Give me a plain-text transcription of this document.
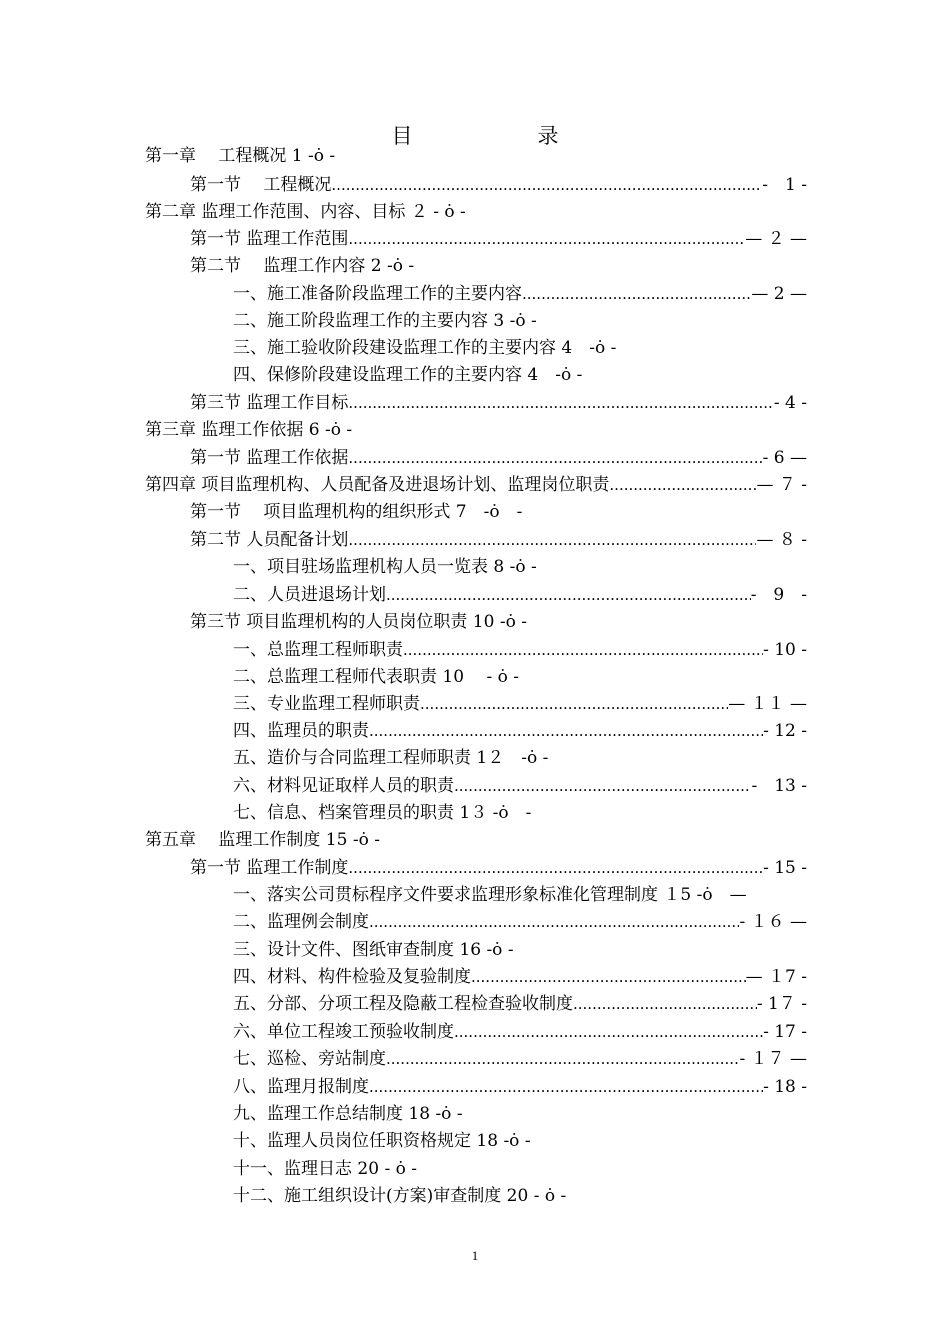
目　录
第一章　 工程概况 1 -ȯ -
第一节　 工程概况 .....	-　1 -
第二章 监理工作范围、内容、目标 ２ - ȯ -
第一节 监理工作范围 .....	— ２ —
第二节　 监理工作内容 2 -ȯ -
一、施工准备阶段监理工作的主要内容 .....	— 2 —
二、施工阶段监理工作的主要内容 3 -ȯ -
三、施工验收阶段建设监理工作的主要内容 4　-ȯ -
四、保修阶段建设监理工作的主要内容 4　-ȯ -
第三节 监理工作目标 .....	- 4 -
第三章 监理工作依据 6 -ȯ -
第一节 监理工作依据 .....	- 6 —
第四章 项目监理机构、人员配备及进退场计划、监理岗位职责 .....	— ７ -
第一节　 项目监理机构的组织形式 7　-ȯ　-
第二节 人员配备计划 .....	— ８ -
一、项目驻场监理机构人员一览表 8 -ȯ -
二、人员进退场计划 .....	-　9　-
第三节 项目监理机构的人员岗位职责 10 -ȯ -
一、总监理工程师职责 .....	- 10 -
二、总监理工程师代表职责 10　 - ȯ -
三、专业监理工程师职责 .....	— １１ —
四、监理员的职责 .....	- 12 -
五、造价与合同监理工程师职责 1２　-ȯ -
六、材料见证取样人员的职责 .....	-　13 -
七、信息、档案管理员的职责 1３ -ȯ　-
第五章　 监理工作制度 15 -ȯ -
第一节 监理工作制度 .....	- 15 -
一、落实公司贯标程序文件要求监理形象标准化管理制度 １5 -ȯ　—
二、监理例会制度 .....	- １６ —
三、设计文件、图纸审查制度 16 -ȯ -
四、材料、构件检验及复验制度 .....	— １7 -
五、分部、分项工程及隐蔽工程检查验收制度 .....	- 1７ -
六、单位工程竣工预验收制度 .....	- 17 -
七、巡检、旁站制度 .....	- １７ —
八、监理月报制度 .....	- 18 -
九、监理工作总结制度 18 -ȯ -
十、监理人员岗位任职资格规定 18 -ȯ -
十一、监理日志 20 - ȯ -
十二、施工组织设计(方案)审查制度 20 - ȯ -
1
